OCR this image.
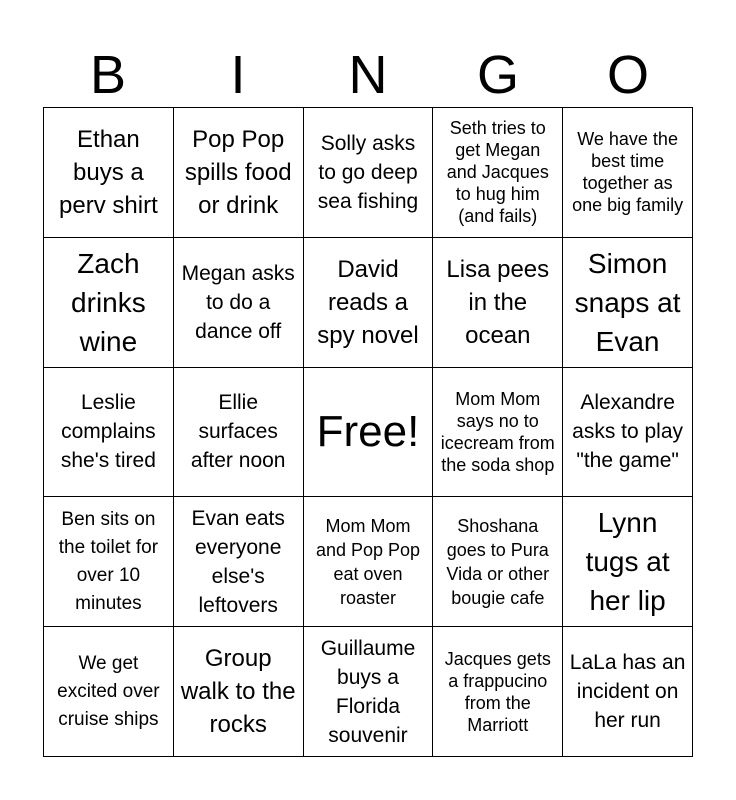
B	I	N	G	O
Ethan buys a perv shirt
Pop Pop spills food or drink
Solly asks to go deep sea fishing
Seth tries to get Megan and Jacques to hug him (and fails)
We have the best time together as one big family
Zach drinks wine
Megan asks to do a dance off
David reads a spy novel
Lisa pees in the ocean
Simon snaps at Evan
Leslie complains she's tired
Ellie surfaces after noon
Free!
Mom Mom says no to icecream from the soda shop
Alexandre asks to play "the game"
Ben sits on the toilet for over 10 minutes
Evan eats everyone else's leftovers
Mom Mom and Pop Pop eat oven roaster
Shoshana goes to Pura Vida or other bougie cafe
Lynn tugs at her lip
We get excited over cruise ships
Group walk to the rocks
Guillaume buys a Florida souvenir
Jacques gets a frappucino from the Marriott
LaLa has an incident on her run
